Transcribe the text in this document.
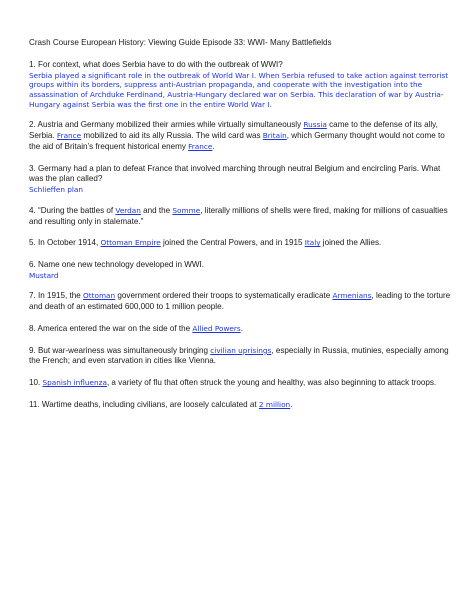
Crash Course European History: Viewing Guide Episode 33: WWI- Many Battlefields

1. For context, what does Serbia have to do with the outbreak of WWI?
Serbia played a significant role in the outbreak of World War I. When Serbia refused to take action against terrorist groups within its borders, suppress anti-Austrian propaganda, and cooperate with the investigation into the assassination of Archduke Ferdinand, Austria-Hungary declared war on Serbia. This declaration of war by Austria-Hungary against Serbia was the first one in the entire World War I.
2. Austria and Germany mobilized their armies while virtually simultaneously Russia came to the defense of its ally, Serbia. France mobilized to aid its ally Russia. The wild card was Britain, which Germany thought would not come to the aid of Britain’s frequent historical enemy France.
3. Germany had a plan to defeat France that involved marching through neutral Belgium and encircling Paris. What was the plan called?
Schlieffen plan
4. “During the battles of Verdan and the Somme, literally millions of shells were fired, making for millions of casualties and resulting only in stalemate.”
5. In October 1914, Ottoman Empire joined the Central Powers, and in 1915 Italy joined the Allies.
6. Name one new technology developed in WWI.
Mustard
7. In 1915, the Ottoman government ordered their troops to systematically eradicate Armenians, leading to the torture and death of an estimated 600,000 to 1 million people.
8. America entered the war on the side of the Allied Powers.
9. But war-weariness was simultaneously bringing civilian uprisings, especially in Russia, mutinies, especially among the French; and even starvation in cities like Vienna.
10. Spanish influenza, a variety of flu that often struck the young and healthy, was also beginning to attack troops.
11. Wartime deaths, including civilians, are loosely calculated at 2 million.
